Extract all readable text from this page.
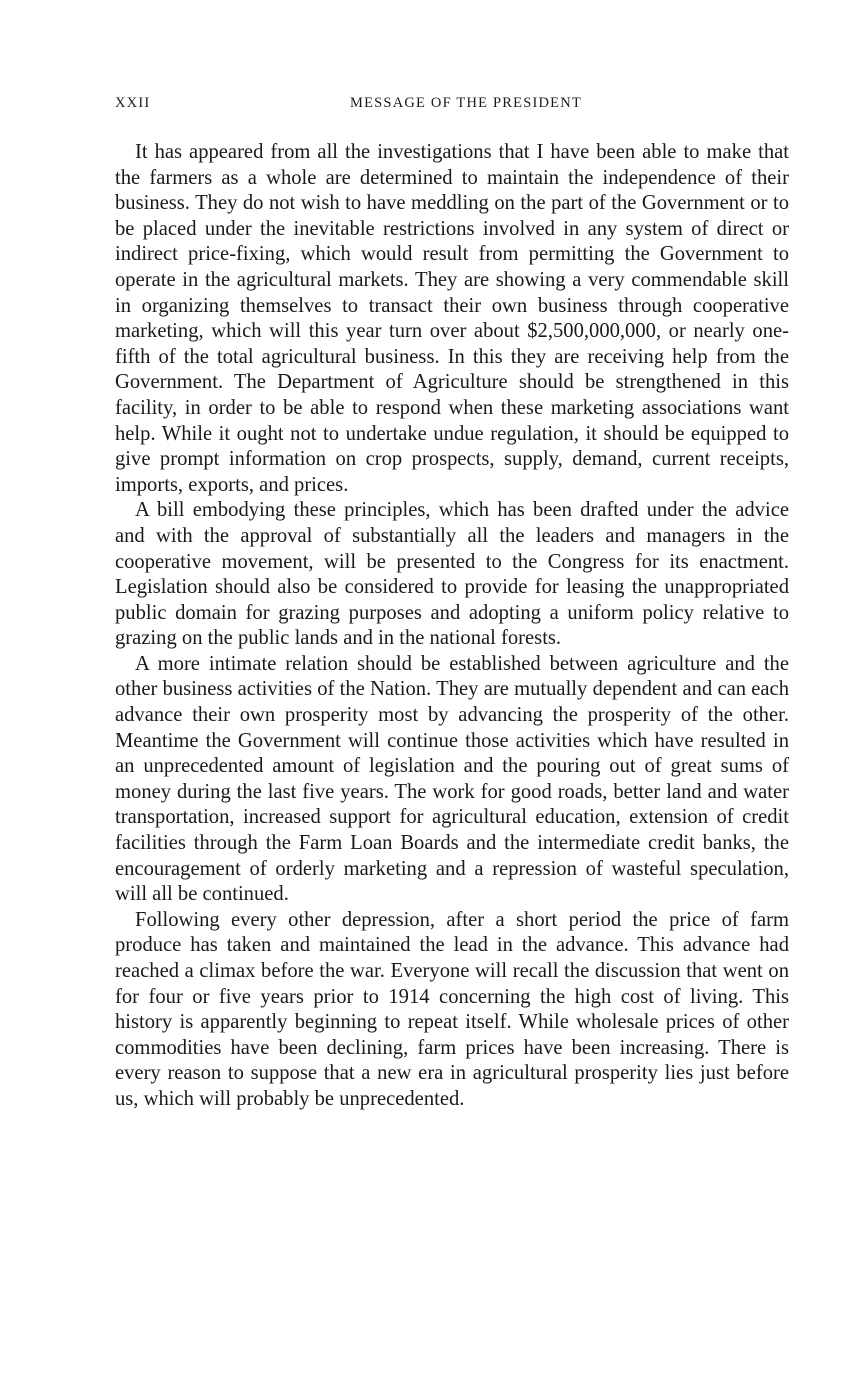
XXII	MESSAGE OF THE PRESIDENT

It has appeared from all the investigations that I have been able to make that the farmers as a whole are determined to maintain the independence of their business. They do not wish to have meddling on the part of the Government or to be placed under the inevitable restrictions involved in any system of direct or indirect price-fixing, which would result from permitting the Government to operate in the agricultural markets. They are showing a very commendable skill in organizing themselves to transact their own business through cooperative marketing, which will this year turn over about $2,500,000,000, or nearly one-fifth of the total agricultural business. In this they are receiving help from the Government. The Department of Agriculture should be strengthened in this facility, in order to be able to respond when these marketing associations want help. While it ought not to undertake undue regulation, it should be equipped to give prompt information on crop prospects, supply, demand, current receipts, imports, exports, and prices.

A bill embodying these principles, which has been drafted under the advice and with the approval of substantially all the leaders and managers in the cooperative movement, will be presented to the Congress for its enactment. Legislation should also be considered to provide for leasing the unappropriated public domain for grazing purposes and adopting a uniform policy relative to grazing on the public lands and in the national forests.

A more intimate relation should be established between agriculture and the other business activities of the Nation. They are mutually dependent and can each advance their own prosperity most by advancing the prosperity of the other. Meantime the Government will continue those activities which have resulted in an unprecedented amount of legislation and the pouring out of great sums of money during the last five years. The work for good roads, better land and water transportation, increased support for agricultural education, extension of credit facilities through the Farm Loan Boards and the intermediate credit banks, the encouragement of orderly marketing and a repression of wasteful speculation, will all be continued.

Following every other depression, after a short period the price of farm produce has taken and maintained the lead in the advance. This advance had reached a climax before the war. Everyone will recall the discussion that went on for four or five years prior to 1914 concerning the high cost of living. This history is apparently beginning to repeat itself. While wholesale prices of other commodities have been declining, farm prices have been increasing. There is every reason to suppose that a new era in agricultural prosperity lies just before us, which will probably be unprecedented.
